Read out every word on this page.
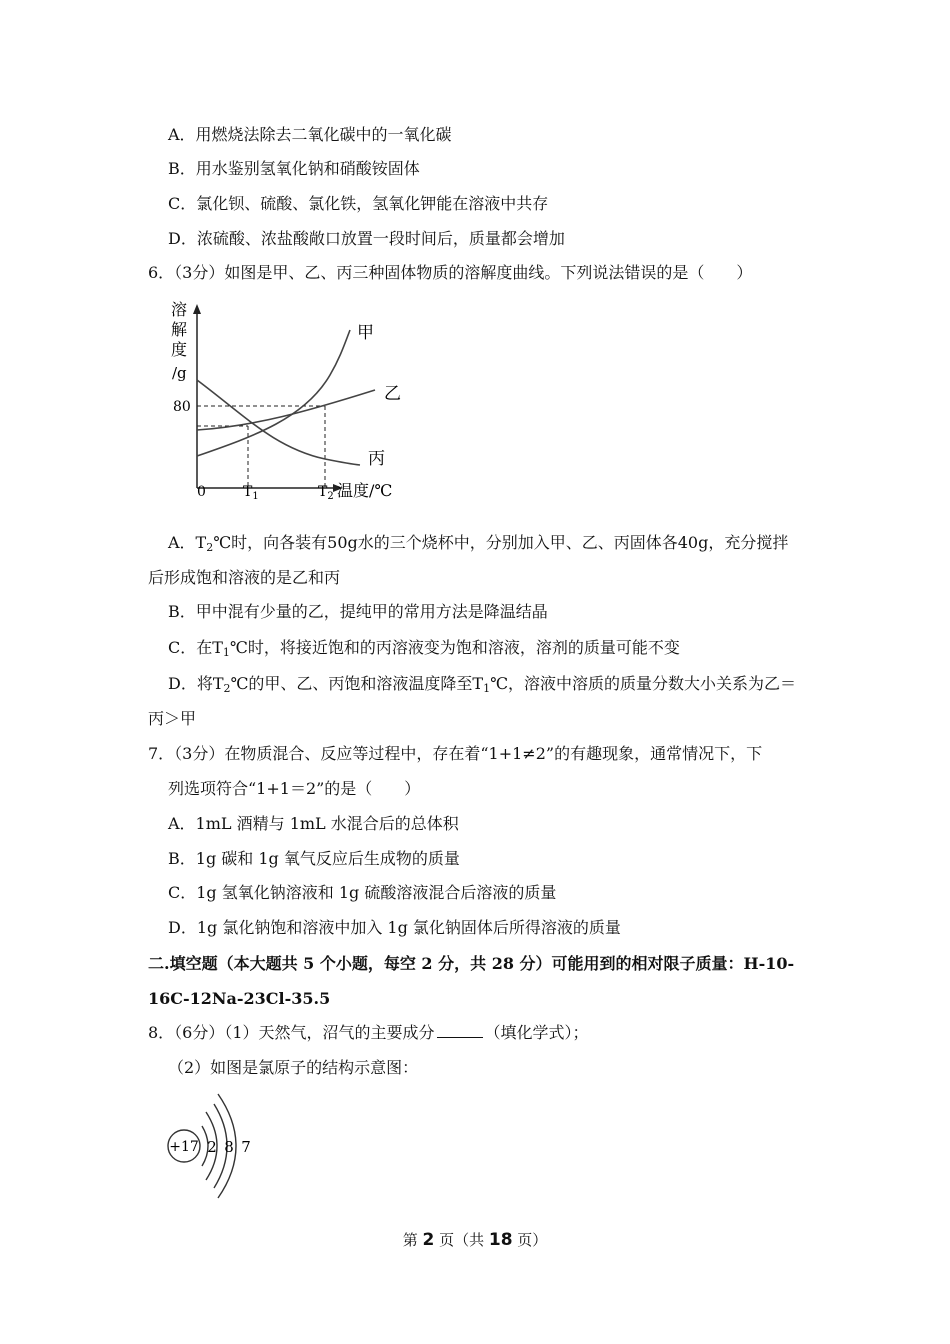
A．用燃烧法除去二氧化碳中的一氧化碳
B．用水鉴别氢氧化钠和硝酸铵固体
C．氯化钡、硫酸、氯化铁，氢氧化钾能在溶液中共存
D．浓硫酸、浓盐酸敞口放置一段时间后，质量都会增加
6．（3分）如图是甲、乙、丙三种固体物质的溶解度曲线。下列说法错误的是（　　）
溶
解
度
/g
80
甲
乙
丙
0	$T_1$	$T_2$ 温度/℃
A．$T_2℃$时，向各装有50g水的三个烧杯中，分别加入甲、乙、丙固体各40g，充分搅拌
后形成饱和溶液的是乙和丙
B．甲中混有少量的乙，提纯甲的常用方法是降温结晶
C．在$T_1℃$时，将接近饱和的丙溶液变为饱和溶液，溶剂的质量可能不变
D．将$T_2℃$的甲、乙、丙饱和溶液温度降至$T_1℃$，溶液中溶质的质量分数大小关系为乙＝
丙＞甲
7．（3分）在物质混合、反应等过程中，存在着“1+1≠2”的有趣现象，通常情况下，下
列选项符合“1+1＝2”的是（　　）
A．1mL 酒精与 1mL 水混合后的总体积
B．1g 碳和 1g 氧气反应后生成物的质量
C．1g 氢氧化钠溶液和 1g 硫酸溶液混合后溶液的质量
D．1g 氯化钠饱和溶液中加入 1g 氯化钠固体后所得溶液的质量
二.填空题（本大题共 5 个小题，每空 2 分，共 28 分）可能用到的相对限子质量：H-10-
16C-12Na-23Cl-35.5
8．（6分）（1）天然气，沼气的主要成分	（填化学式）；
（2）如图是氯原子的结构示意图：
+17 2 8 7
第 2 页（共 18 页）
